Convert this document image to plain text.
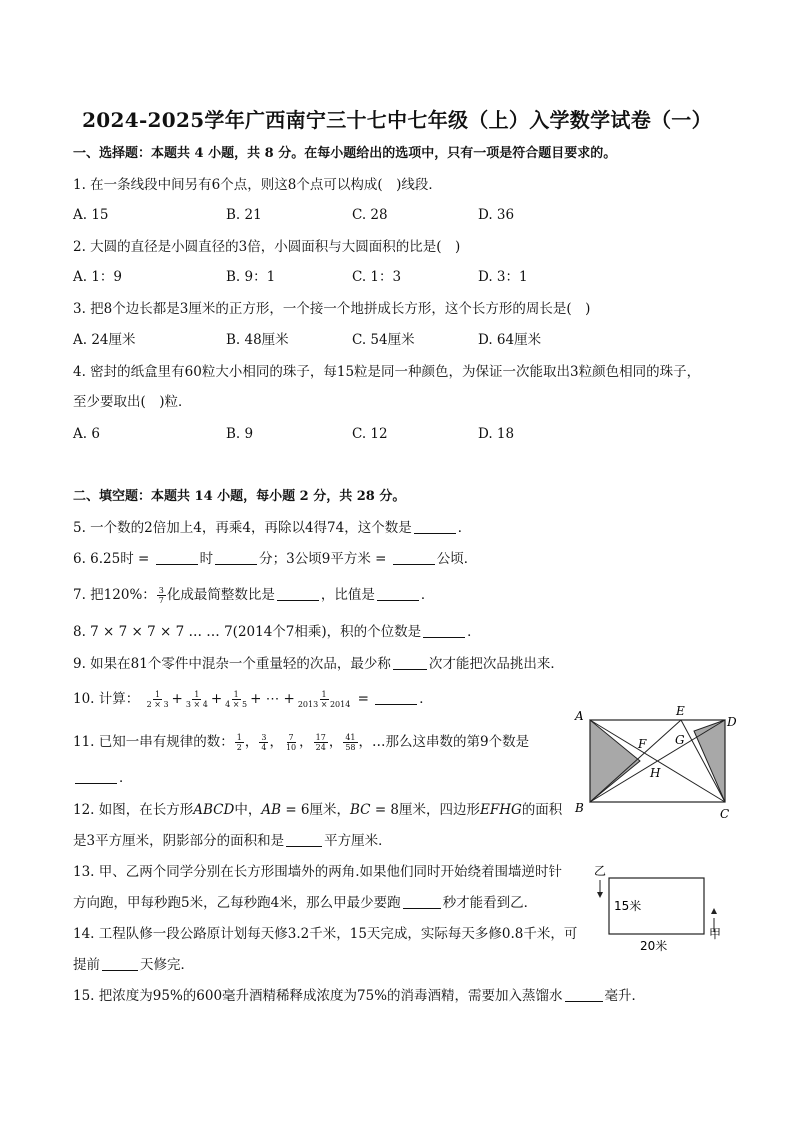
2024-2025学年广西南宁三十七中七年级（上）入学数学试卷（一）
一、选择题：本题共 4 小题，共 8 分。在每小题给出的选项中，只有一项是符合题目要求的。
1. 在一条线段中间另有6个点，则这8个点可以构成(　)线段．
A. 15	B. 21	C. 28	D. 36
2. 大圆的直径是小圆直径的3倍，小圆面积与大圆面积的比是(　)
A. 1：9	B. 9：1	C. 1：3	D. 3：1
3. 把8个边长都是3厘米的正方形，一个接一个地拼成长方形，这个长方形的周长是(　)
A. 24厘米	B. 48厘米	C. 54厘米	D. 64厘米
4. 密封的纸盒里有60粒大小相同的珠子，每15粒是同一种颜色，为保证一次能取出3粒颜色相同的珠子，
至少要取出(　)粒．
A. 6	B. 9	C. 12	D. 18
二、填空题：本题共 14 小题，每小题 2 分，共 28 分。
5. 一个数的2倍加上4，再乘4，再除以4得74，这个数是	．
6. 6.25时 =	时	分；3公顷9平方米 =	公顷．
7. 把120%： $\frac{3}{7}$ 化成最简整数比是	，比值是	．
8. 7 × 7 × 7 × 7 … … 7(2014个7相乘)，积的个位数是	．
9. 如果在81个零件中混杂一个重量轻的次品，最少称	次才能把次品挑出来．
10. 计算： $\frac{1}{2 \times 3} + \frac{1}{3 \times 4} + \frac{1}{4 \times 5}$ + ⋯ + $\frac{1}{2013 \times 2014}$ =	．
11. 已知一串有规律的数： $\frac{1}{2}$ ， $\frac{3}{4}$ ， $\frac{7}{10}$ ， $\frac{17}{24}$ ， $\frac{41}{58}$ ，…那么这串数的第9个数是
．
12. 如图，在长方形ABCD中，AB = 6厘米，BC = 8厘米，四边形EFHG的面积
是3平方厘米，阴影部分的面积和是	平方厘米．
13. 甲、乙两个同学分别在长方形围墙外的两角.如果他们同时开始绕着围墙逆时针
方向跑，甲每秒跑5米，乙每秒跑4米，那么甲最少要跑	秒才能看到乙．
14. 工程队修一段公路原计划每天修3.2千米，15天完成，实际每天多修0.8千米，可
提前	天修完．
15. 把浓度为95%的600毫升酒精稀释成浓度为75%的消毒酒精，需要加入蒸馏水	毫升．
A
B	C
D
E
F G
H
乙
15米
20米
甲
